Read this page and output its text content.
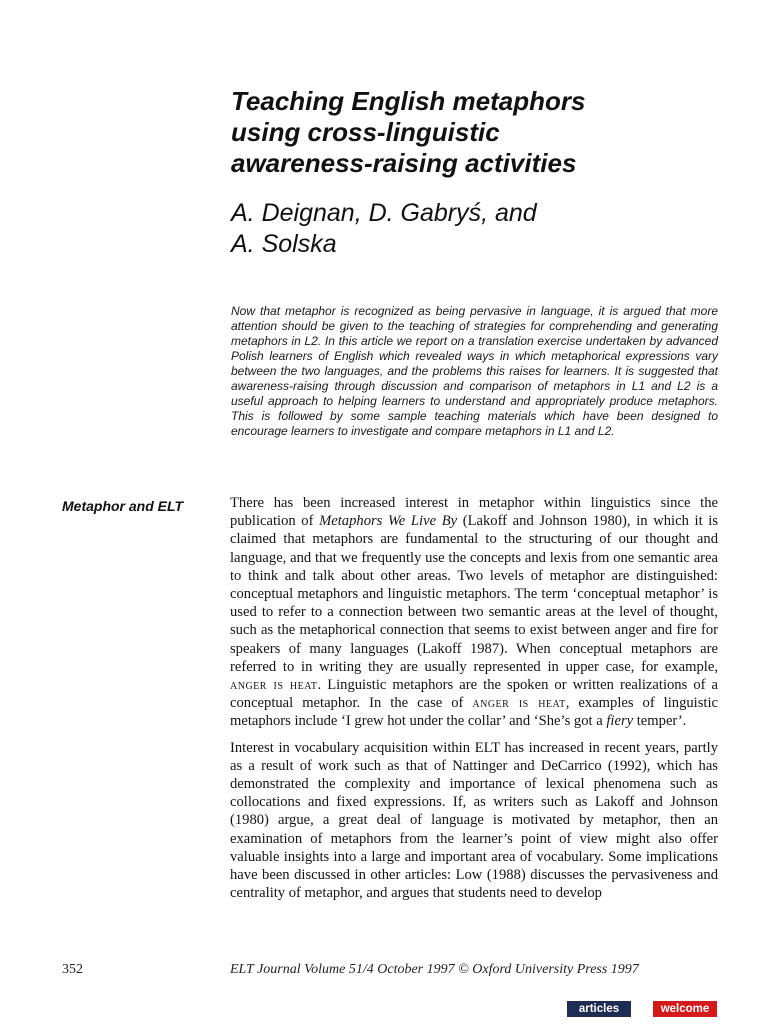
Teaching English metaphors
using cross-linguistic
awareness-raising activities
A. Deignan, D. Gabryś, and
A. Solska

Now that metaphor is recognized as being pervasive in language, it is argued that more attention should be given to the teaching of strategies for comprehending and generating metaphors in L2. In this article we report on a translation exercise undertaken by advanced Polish learners of English which revealed ways in which metaphorical expressions vary between the two languages, and the problems this raises for learners. It is suggested that awareness-raising through discussion and comparison of metaphors in L1 and L2 is a useful approach to helping learners to understand and appropriately produce metaphors. This is followed by some sample teaching materials which have been designed to encourage learners to investigate and compare metaphors in L1 and L2.

Metaphor and ELT	There has been increased interest in metaphor within linguistics since the publication of Metaphors We Live By (Lakoff and Johnson 1980), in which it is claimed that metaphors are fundamental to the structuring of our thought and language, and that we frequently use the concepts and lexis from one semantic area to think and talk about other areas. Two levels of metaphor are distinguished: conceptual metaphors and linguistic metaphors. The term ‘conceptual metaphor’ is used to refer to a connection between two semantic areas at the level of thought, such as the metaphorical connection that seems to exist between anger and fire for speakers of many languages (Lakoff 1987). When conceptual metaphors are referred to in writing they are usually represented in upper case, for example, anger is heat. Linguistic metaphors are the spoken or written realizations of a conceptual metaphor. In the case of anger is heat, examples of linguistic metaphors include ‘I grew hot under the collar’ and ‘She’s got a fiery temper’.

Interest in vocabulary acquisition within ELT has increased in recent years, partly as a result of work such as that of Nattinger and DeCarrico (1992), which has demonstrated the complexity and importance of lexical phenomena such as collocations and fixed expressions. If, as writers such as Lakoff and Johnson (1980) argue, a great deal of language is motivated by metaphor, then an examination of metaphors from the learner’s point of view might also offer valuable insights into a large and important area of vocabulary. Some implications have been discussed in other articles: Low (1988) discusses the pervasiveness and centrality of metaphor, and argues that students need to develop

352	ELT Journal Volume 51/4 October 1997 © Oxford University Press 1997
articles	welcome
